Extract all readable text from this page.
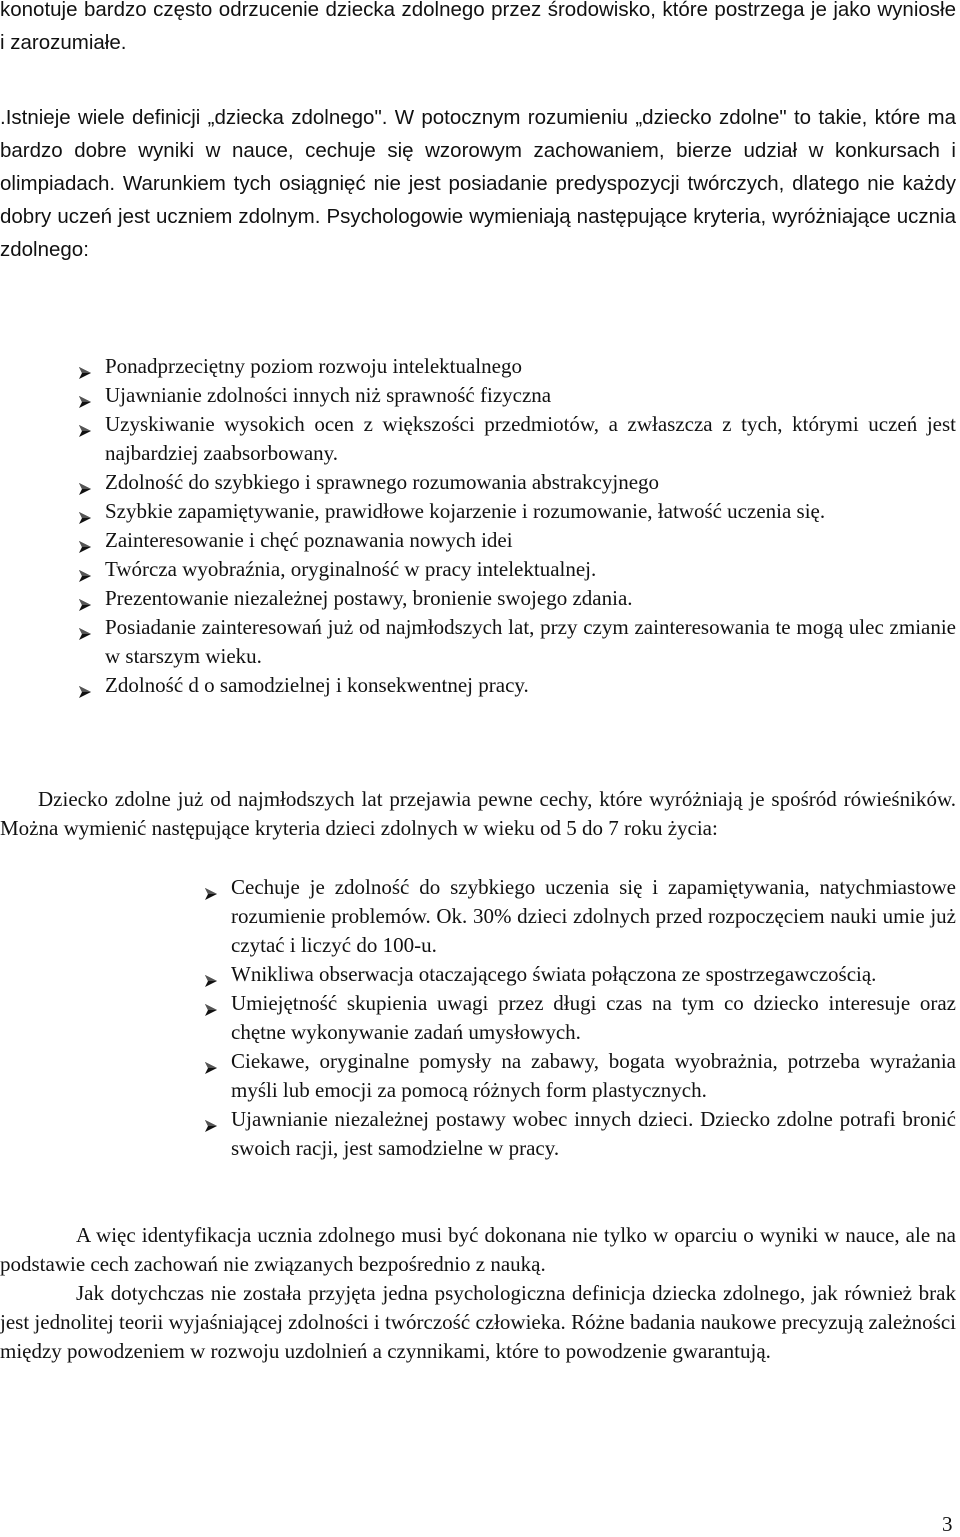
konotuje bardzo często odrzucenie dziecka zdolnego przez środowisko, które postrzega je jako wyniosłe i zarozumiałe.

.Istnieje wiele definicji „dziecka zdolnego". W potocznym rozumieniu „dziecko zdolne" to takie, które ma bardzo dobre wyniki w nauce, cechuje się wzorowym zachowaniem, bierze udział w konkursach i olimpiadach. Warunkiem tych osiągnięć nie jest posiadanie predyspozycji twórczych, dlatego nie każdy dobry uczeń jest uczniem zdolnym. Psychologowie wymieniają następujące kryteria, wyróżniające ucznia zdolnego:

Ponadprzeciętny poziom rozwoju intelektualnego
Ujawnianie zdolności innych niż sprawność fizyczna
Uzyskiwanie wysokich ocen z większości przedmiotów, a zwłaszcza z tych, którymi uczeń jest najbardziej zaabsorbowany.
Zdolność do szybkiego i sprawnego rozumowania abstrakcyjnego
Szybkie zapamiętywanie, prawidłowe kojarzenie i rozumowanie, łatwość uczenia się.
Zainteresowanie i chęć poznawania nowych idei
Twórcza wyobraźnia, oryginalność w pracy intelektualnej.
Prezentowanie niezależnej postawy, bronienie swojego zdania.
Posiadanie zainteresowań już od najmłodszych lat, przy czym zainteresowania te mogą ulec zmianie w starszym wieku.
Zdolność d o samodzielnej i konsekwentnej pracy.

Dziecko zdolne już od najmłodszych lat przejawia pewne cechy, które wyróżniają je spośród rówieśników. Można wymienić następujące kryteria dzieci zdolnych w wieku od 5 do 7 roku życia:

Cechuje je zdolność do szybkiego uczenia się i zapamiętywania, natychmiastowe rozumienie problemów. Ok. 30% dzieci zdolnych przed rozpoczęciem nauki umie już czytać i liczyć do 100-u.
Wnikliwa obserwacja otaczającego świata połączona ze spostrzegawczością.
Umiejętność skupienia uwagi przez długi czas na tym co dziecko interesuje oraz chętne wykonywanie zadań umysłowych.
Ciekawe, oryginalne pomysły na zabawy, bogata wyobrażnia, potrzeba wyrażania myśli lub emocji za pomocą różnych form plastycznych.
Ujawnianie niezależnej postawy wobec innych dzieci. Dziecko zdolne potrafi bronić swoich racji, jest samodzielne w pracy.

A więc identyfikacja ucznia zdolnego musi być dokonana nie tylko w oparciu o wyniki w nauce, ale na podstawie cech zachowań nie związanych bezpośrednio z nauką.

Jak dotychczas nie została przyjęta jedna psychologiczna definicja dziecka zdolnego, jak również brak jest jednolitej teorii wyjaśniającej zdolności i twórczość człowieka. Różne badania naukowe precyzują zależności między powodzeniem w rozwoju uzdolnień a czynnikami, które to powodzenie gwarantują.

3
